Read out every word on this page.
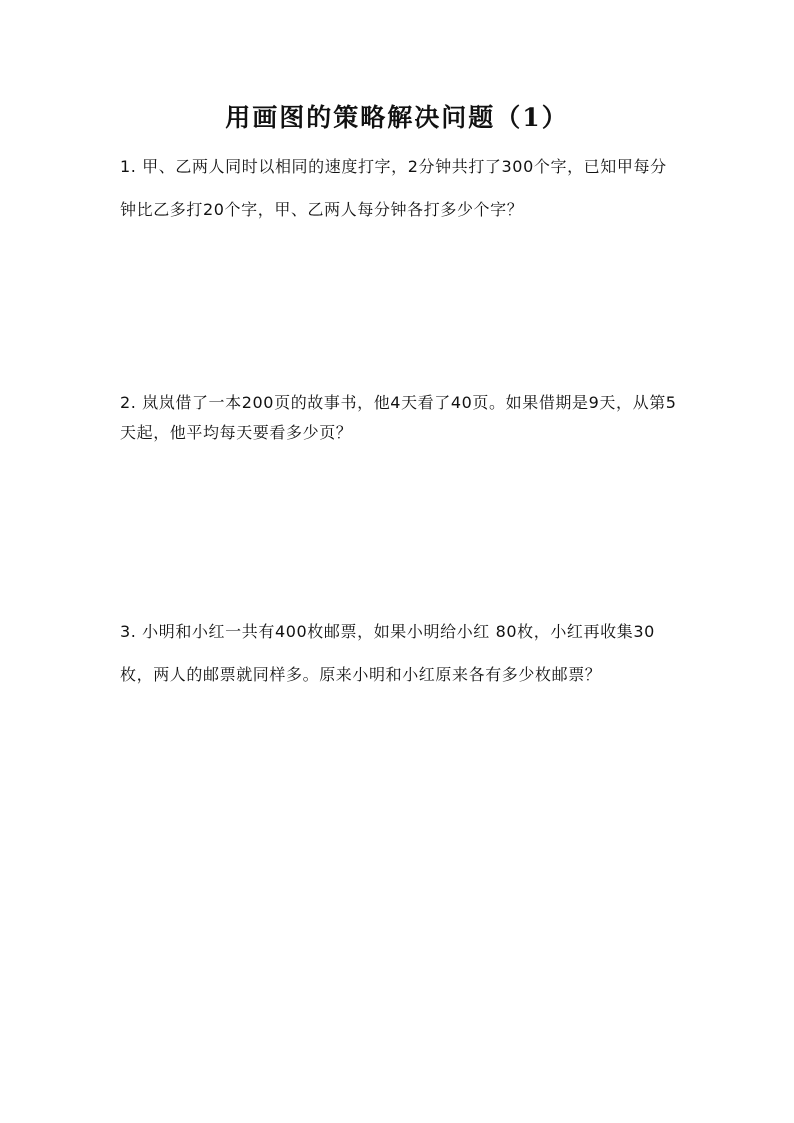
用画图的策略解决问题（1）
1. 甲、乙两人同时以相同的速度打字，2分钟共打了300个字，已知甲每分钟比乙多打20个字，甲、乙两人每分钟各打多少个字？
2. 岚岚借了一本200页的故事书，他4天看了40页。如果借期是9天，从第5天起，他平均每天要看多少页？
3. 小明和小红一共有400枚邮票，如果小明给小红 80枚，小红再收集30枚，两人的邮票就同样多。原来小明和小红原来各有多少枚邮票？
